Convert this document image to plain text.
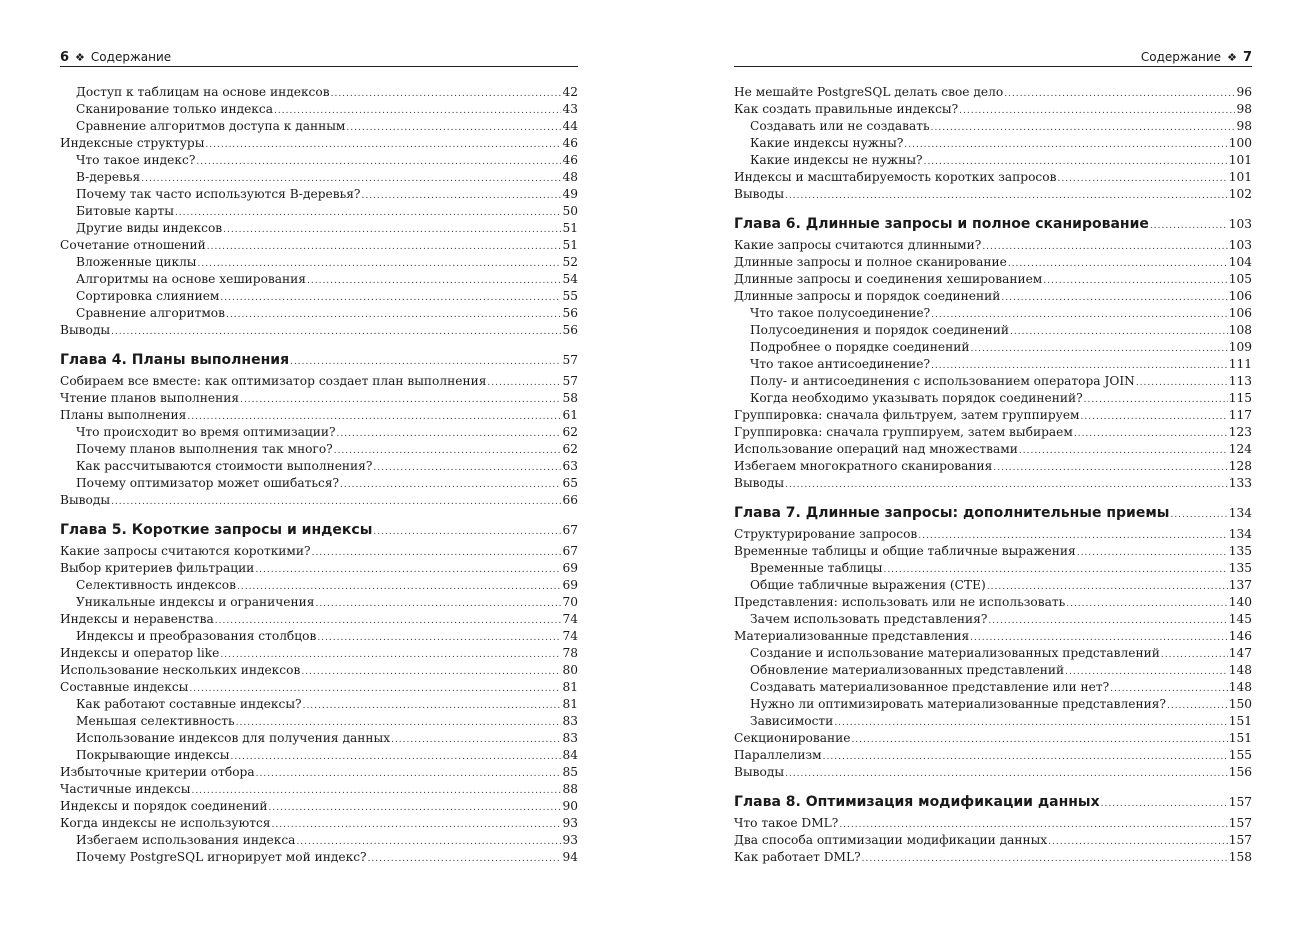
6 ❖ Содержание
Доступ к таблицам на основе индексов .....	42
Сканирование только индекса .....	43
Сравнение алгоритмов доступа к данным .....	44
Индексные структуры .....	46
Что такое индекс? .....	46
B-деревья .....	48
Почему так часто используются B-деревья? .....	49
Битовые карты .....	50
Другие виды индексов .....	51
Сочетание отношений .....	51
Вложенные циклы .....	52
Алгоритмы на основе хеширования .....	54
Сортировка слиянием .....	55
Сравнение алгоритмов .....	56
Выводы .....	56
Глава 4. Планы выполнения .....	57
Собираем все вместе: как оптимизатор создает план выполнения .....	57
Чтение планов выполнения .....	58
Планы выполнения .....	61
Что происходит во время оптимизации? .....	62
Почему планов выполнения так много? .....	62
Как рассчитываются стоимости выполнения? .....	63
Почему оптимизатор может ошибаться? .....	65
Выводы .....	66
Глава 5. Короткие запросы и индексы .....	67
Какие запросы считаются короткими? .....	67
Выбор критериев фильтрации .....	69
Селективность индексов .....	69
Уникальные индексы и ограничения .....	70
Индексы и неравенства .....	74
Индексы и преобразования столбцов .....	74
Индексы и оператор like .....	78
Использование нескольких индексов .....	80
Составные индексы .....	81
Как работают составные индексы? .....	81
Меньшая селективность .....	83
Использование индексов для получения данных .....	83
Покрывающие индексы .....	84
Избыточные критерии отбора .....	85
Частичные индексы .....	88
Индексы и порядок соединений .....	90
Когда индексы не используются .....	93
Избегаем использования индекса .....	93
Почему PostgreSQL игнорирует мой индекс? .....	94
Содержание ❖ 7
Не мешайте PostgreSQL делать свое дело .....	96
Как создать правильные индексы? .....	98
Создавать или не создавать .....	98
Какие индексы нужны? .....	100
Какие индексы не нужны? .....	101
Индексы и масштабируемость коротких запросов .....	101
Выводы .....	102
Глава 6. Длинные запросы и полное сканирование .....	103
Какие запросы считаются длинными? .....	103
Длинные запросы и полное сканирование .....	104
Длинные запросы и соединения хешированием .....	105
Длинные запросы и порядок соединений .....	106
Что такое полусоединение? .....	106
Полусоединения и порядок соединений .....	108
Подробнее о порядке соединений .....	109
Что такое антисоединение? .....	111
Полу- и антисоединения с использованием оператора JOIN .....	113
Когда необходимо указывать порядок соединений? .....	115
Группировка: сначала фильтруем, затем группируем .....	117
Группировка: сначала группируем, затем выбираем .....	123
Использование операций над множествами .....	124
Избегаем многократного сканирования .....	128
Выводы .....	133
Глава 7. Длинные запросы: дополнительные приемы .....	134
Структурирование запросов .....	134
Временные таблицы и общие табличные выражения .....	135
Временные таблицы .....	135
Общие табличные выражения (CTE) .....	137
Представления: использовать или не использовать .....	140
Зачем использовать представления? .....	145
Материализованные представления .....	146
Создание и использование материализованных представлений .....	147
Обновление материализованных представлений .....	148
Создавать материализованное представление или нет? .....	148
Нужно ли оптимизировать материализованные представления? .....	150
Зависимости .....	151
Секционирование .....	151
Параллелизм .....	155
Выводы .....	156
Глава 8. Оптимизация модификации данных .....	157
Что такое DML? .....	157
Два способа оптимизации модификации данных .....	157
Как работает DML? .....	158
